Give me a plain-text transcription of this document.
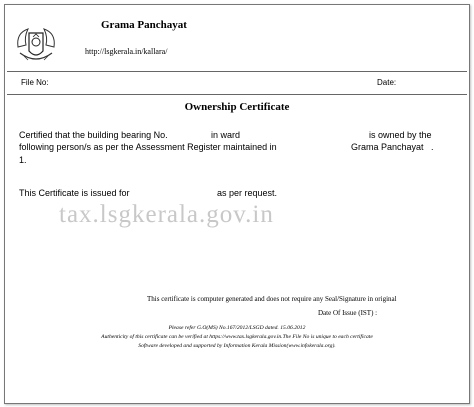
Grama Panchayat
http://lsgkerala.in/kallara/
File No:	Date:
Ownership Certificate
Certified that the building bearing No.	in ward	is owned by the
following person/s as per the Assessment Register maintained in	Grama Panchayat .
1.
This Certificate is issued for	as per request.
tax.lsgkerala.gov.in
This certificate is computer generated and does not require any Seal/Signature in original
Date Of Issue (IST) :
Please refer G.O(MS) No.167/2012/LSGD dated. 15.06.2012
Authenticity of this certificate can be verified at https://www.tax.lsgkerala.gov.in.The File No is unique to each certificate
Software developed and supported by Information Kerala Mission(www.infokerala.org).
